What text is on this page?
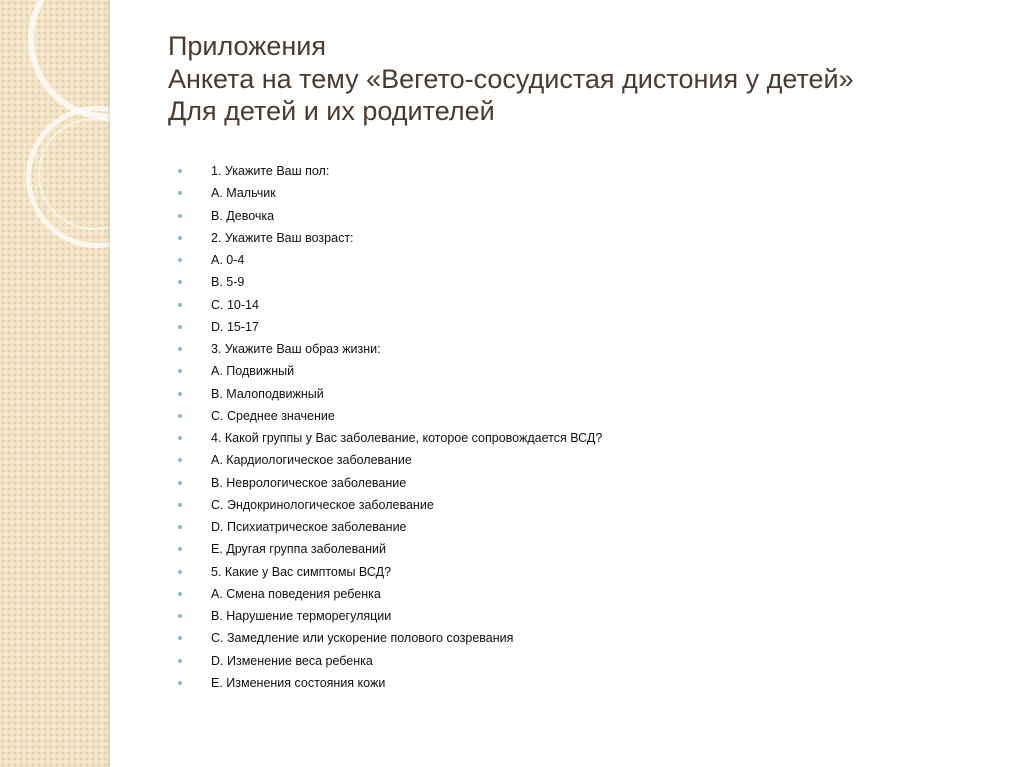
Приложения
Анкета на тему «Вегето-сосудистая дистония у детей»
Для детей и их родителей
1. Укажите Ваш пол:
А. Мальчик
В. Девочка
2. Укажите Ваш возраст:
А. 0-4
В. 5-9
С. 10-14
D. 15-17
3. Укажите Ваш образ жизни:
А. Подвижный
В. Малоподвижный
С. Среднее значение
4. Какой группы у Вас заболевание, которое сопровождается ВСД?
А. Кардиологическое заболевание
В. Неврологическое заболевание
С. Эндокринологическое заболевание
D. Психиатрическое заболевание
Е. Другая группа заболеваний
5. Какие у Вас симптомы ВСД?
А. Смена поведения ребенка
В. Нарушение терморегуляции
С. Замедление или ускорение полового созревания
D. Изменение веса ребенка
Е. Изменения состояния кожи
